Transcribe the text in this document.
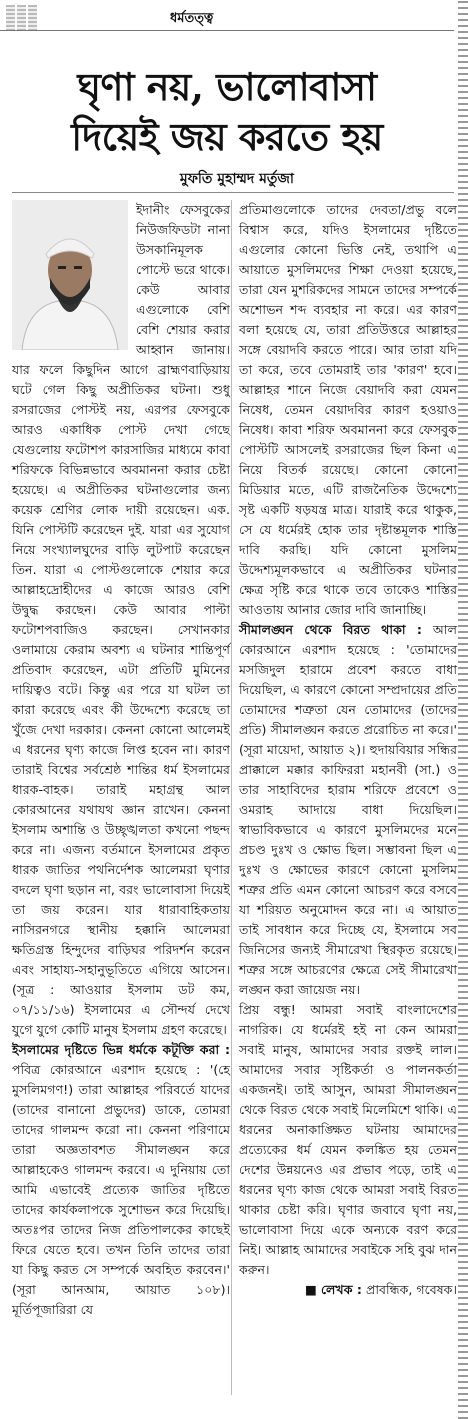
ধর্মতত্ত্ব
ঘৃণা নয়, ভালোবাসা
দিয়েই জয় করতে হয়
মুফতি মুহাম্মদ মর্তুজা

ইদানীং ফেসবুকের নিউজফিডটা নানা উসকানিমূলক পোস্টে ভরে থাকে। কেউ আবার এগুলোকে বেশি বেশি শেয়ার করার আহ্বান জানায়। যার ফলে কিছুদিন আগে ব্রাহ্মণবাড়িয়ায় ঘটে গেল কিছু অপ্রীতিকর ঘটনা। শুধু রসরাজের পোস্টই নয়, এরপর ফেসবুকে আরও একাধিক পোস্ট দেখা গেছে যেগুলোয় ফটোশপ কারসাজির মাধ্যমে কাবা শরিফকে বিভিন্নভাবে অবমাননা করার চেষ্টা হয়েছে। এ অপ্রীতিকর ঘটনাগুলোর জন্য কয়েক শ্রেণির লোক দায়ী রয়েছেন। এক. যিনি পোস্টটি করেছেন দুই. যারা এর সুযোগ নিয়ে সংখ্যালঘুদের বাড়ি লুটপাট করেছেন তিন. যারা এ পোস্টগুলোকে শেয়ার করে আল্লাহদ্রোহীদের এ কাজে আরও বেশি উদ্বুদ্ধ করছেন। কেউ আবার পাল্টা ফটোশপবাজিও করছেন। সেখানকার ওলামায়ে কেরাম অবশ্য এ ঘটনার শান্তিপূর্ণ প্রতিবাদ করেছেন, এটা প্রতিটি মুমিনের দায়িত্বও বটে। কিন্তু এর পরে যা ঘটল তা কারা করেছে এবং কী উদ্দেশ্যে করেছে তা খুঁজে দেখা দরকার। কেননা কোনো আলেমই এ ধরনের ঘৃণ্য কাজে লিপ্ত হবেন না। কারণ তারাই বিশ্বের সর্বশ্রেষ্ঠ শান্তির ধর্ম ইসলামের ধারক-বাহক। তারাই মহাগ্রন্থ আল কোরআনের যথাযথ জ্ঞান রাখেন। কেননা ইসলাম অশান্তি ও উচ্ছৃঙ্খলতা কখনো পছন্দ করে না। এজন্য বর্তমানে ইসলামের প্রকৃত ধারক জাতির পথনির্দেশক আলেমরা ঘৃণার বদলে ঘৃণা ছড়ান না, বরং ভালোবাসা দিয়েই তা জয় করেন। যার ধারাবাহিকতায় নাসিরনগরে স্থানীয় হক্কানি আলেমরা ক্ষতিগ্রস্ত হিন্দুদের বাড়িঘর পরিদর্শন করেন এবং সাহায্য-সহানুভূতিতে এগিয়ে আসেন। (সূত্র : আওয়ার ইসলাম ডট কম, ০৭/১১/১৬) ইসলামের এ সৌন্দর্য দেখে যুগে যুগে কোটি মানুষ ইসলাম গ্রহণ করেছে।

ইসলামের দৃষ্টিতে ভিন্ন ধর্মকে কটূক্তি করা : পবিত্র কোরআনে এরশাদ হয়েছে : '(হে মুসলিমগণ!) তারা আল্লাহর পরিবর্তে যাদের (তাদের বানানো প্রভুদের) ডাকে, তোমরা তাদের গালমন্দ করো না। কেননা পরিণামে তারা অজ্ঞতাবশত সীমালঙ্ঘন করে আল্লাহকেও গালমন্দ করবে। এ দুনিয়ায় তো আমি এভাবেই প্রত্যেক জাতির দৃষ্টিতে তাদের কার্যকলাপকে সুশোভন করে দিয়েছি। অতঃপর তাদের নিজ প্রতিপালকের কাছেই ফিরে যেতে হবে। তখন তিনি তাদের তারা যা কিছু করত সে সম্পর্কে অবহিত করবেন।' (সূরা আনআম, আয়াত ১০৮)। মূর্তিপূজারিরা যে

প্রতিমাগুলোকে তাদের দেবতা/প্রভু বলে বিশ্বাস করে, যদিও ইসলামের দৃষ্টিতে এগুলোর কোনো ভিত্তি নেই, তথাপি এ আয়াতে মুসলিমদের শিক্ষা দেওয়া হয়েছে, তারা যেন মুশরিকদের সামনে তাদের সম্পর্কে অশোভন শব্দ ব্যবহার না করে। এর কারণ বলা হয়েছে যে, তারা প্রতিউত্তরে আল্লাহর সঙ্গে বেয়াদবি করতে পারে। আর তারা যদি তা করে, তবে তোমরাই তার 'কারণ' হবে। আল্লাহর শানে নিজে বেয়াদবি করা যেমন নিষেধ, তেমন বেয়াদবির কারণ হওয়াও নিষেধ। কাবা শরিফ অবমাননা করে ফেসবুক পোস্টটি আসলেই রসরাজের ছিল কিনা এ নিয়ে বিতর্ক রয়েছে। কোনো কোনো মিডিয়ার মতে, এটি রাজনৈতিক উদ্দেশ্যে সৃষ্ট একটি ষড়যন্ত্র মাত্র। যারাই করে থাকুক, সে যে ধর্মেরই হোক তার দৃষ্টান্তমূলক শাস্তি দাবি করছি। যদি কোনো মুসলিম উদ্দেশ্যমূলকভাবে এ অপ্রীতিকর ঘটনার ক্ষেত্র সৃষ্টি করে থাকে তবে তাকেও শাস্তির আওতায় আনার জোর দাবি জানাচ্ছি।

সীমালঙ্ঘন থেকে বিরত থাকা : আল কোরআনে এরশাদ হয়েছে : 'তোমাদের মসজিদুল হারামে প্রবেশ করতে বাধা দিয়েছিল, এ কারণে কোনো সম্প্রদায়ের প্রতি তোমাদের শত্রুতা যেন তোমাদের (তাদের প্রতি) সীমালঙ্ঘন করতে প্ররোচিত না করে।' (সূরা মায়েদা, আয়াত ২)। হুদায়বিয়ার সন্ধির প্রাক্কালে মক্কার কাফিররা মহানবী (সা.) ও তার সাহাবিদের হারাম শরিফে প্রবেশে ও ওমরাহ আদায়ে বাধা দিয়েছিল। স্বাভাবিকভাবে এ কারণে মুসলিমদের মনে প্রচণ্ড দুঃখ ও ক্ষোভ ছিল। সম্ভাবনা ছিল এ দুঃখ ও ক্ষোভের কারণে কোনো মুসলিম শত্রুর প্রতি এমন কোনো আচরণ করে বসবে যা শরিয়ত অনুমোদন করে না। এ আয়াত তাই সাবধান করে দিচ্ছে যে, ইসলামে সব জিনিসের জন্যই সীমারেখা স্থিরকৃত রয়েছে। শত্রুর সঙ্গে আচরণের ক্ষেত্রে সেই সীমারেখা লঙ্ঘন করা জায়েজ নয়।

প্রিয় বন্ধু! আমরা সবাই বাংলাদেশের নাগরিক। যে ধর্মেরই হই না কেন আমরা সবাই মানুষ, আমাদের সবার রক্তই লাল। আমাদের সবার সৃষ্টিকর্তা ও পালনকর্তা একজনই। তাই আসুন, আমরা সীমালঙ্ঘন থেকে বিরত থেকে সবাই মিলেমিশে থাকি। এ ধরনের অনাকাঙ্ক্ষিত ঘটনায় আমাদের প্রত্যেকের ধর্ম যেমন কলঙ্কিত হয় তেমন দেশের উন্নয়নেও এর প্রভাব পড়ে, তাই এ ধরনের ঘৃণ্য কাজ থেকে আমরা সবাই বিরত থাকার চেষ্টা করি। ঘৃণার জবাবে ঘৃণা নয়, ভালোবাসা দিয়ে একে অন্যকে বরণ করে নিই। আল্লাহ আমাদের সবাইকে সহি বুঝ দান করুন।

■ লেখক : প্রাবন্ধিক, গবেষক।
